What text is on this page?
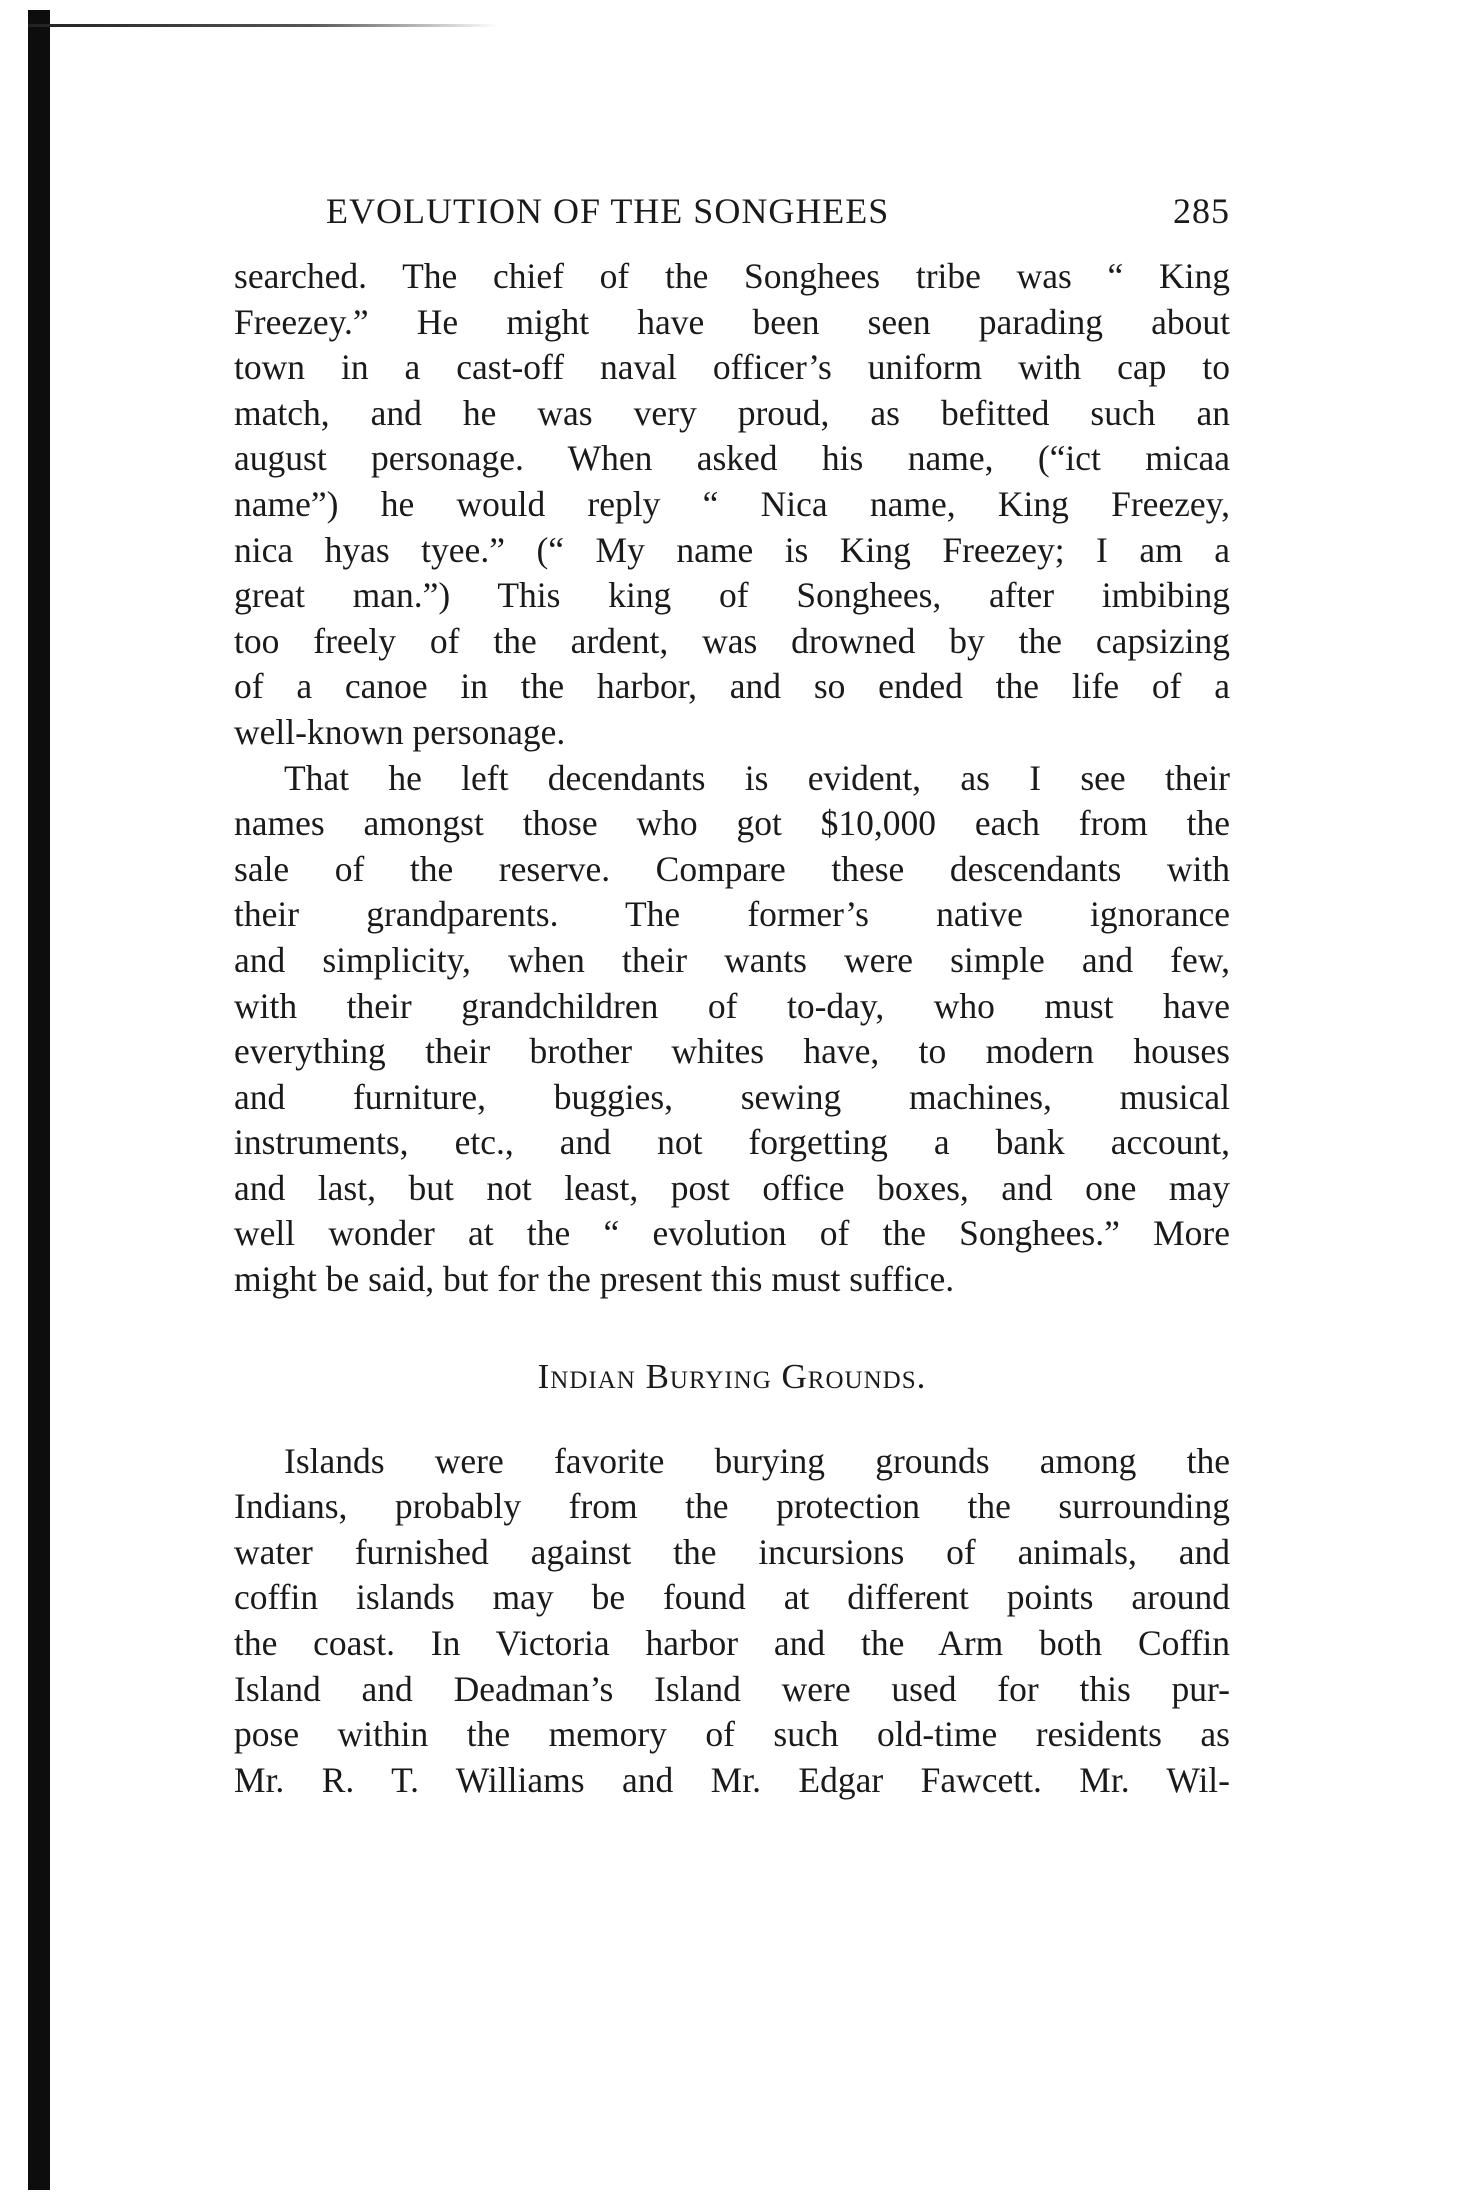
EVOLUTION OF THE SONGHEES	285
searched. The chief of the Songhees tribe was “ King
Freezey.” He might have been seen parading about
town in a cast-off naval officer’s uniform with cap to
match, and he was very proud, as befitted such an
august personage. When asked his name, (“ict micaa
name”) he would reply “ Nica name, King Freezey,
nica hyas tyee.” (“ My name is King Freezey; I am a
great man.”) This king of Songhees, after imbibing
too freely of the ardent, was drowned by the capsizing
of a canoe in the harbor, and so ended the life of a
well-known personage.
That he left decendants is evident, as I see their
names amongst those who got $10,000 each from the
sale of the reserve. Compare these descendants with
their grandparents. The former’s native ignorance
and simplicity, when their wants were simple and few,
with their grandchildren of to-day, who must have
everything their brother whites have, to modern houses
and furniture, buggies, sewing machines, musical
instruments, etc., and not forgetting a bank account,
and last, but not least, post office boxes, and one may
well wonder at the “ evolution of the Songhees.” More
might be said, but for the present this must suffice.
Indian Burying Grounds.
Islands were favorite burying grounds among the
Indians, probably from the protection the surrounding
water furnished against the incursions of animals, and
coffin islands may be found at different points around
the coast. In Victoria harbor and the Arm both Coffin
Island and Deadman’s Island were used for this pur-
pose within the memory of such old-time residents as
Mr. R. T. Williams and Mr. Edgar Fawcett. Mr. Wil-
